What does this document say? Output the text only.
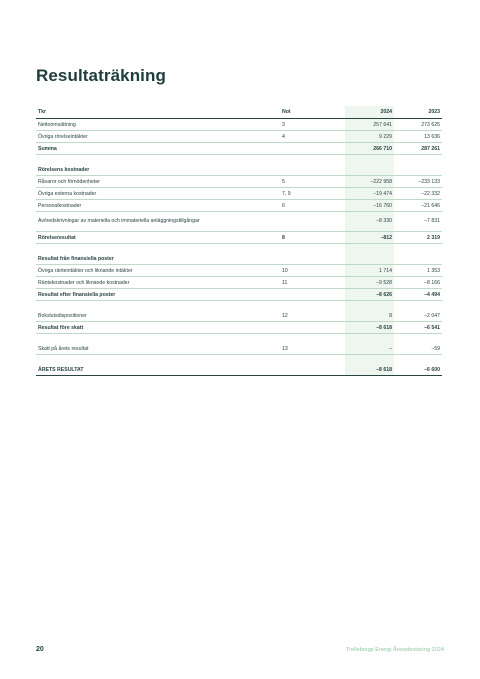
Resultaträkning
Tkr	Not	2024	2023
Nettoomsättning	3	257 641	273 625
Övriga rörelseintäkter	4	9 229	13 636
Summa		266 710	287 261

Rörelsens kostnader			
Råvaror och förnödenheter	5	−222 958	−233 133
Övriga externa kostnader	7, 9	−19 474	−22 332
Personalkostnader	6	−16 760	−21 646
Av/nedskrivningar av materiella och immateriella anläggningstillgångar		−8 330	−7 831
Rörelseresultat	8	−812	2 319

Resultat från finansiella poster			
Övriga ränteintäkter och liknande intäkter	10	1 714	1 353
Räntekostnader och liknande kostnader	11	−9 528	−8 166
Resultat efter finansiella poster		−8 626	−4 494

Bokslutsdispositioner	12	8	−2 047
Resultat före skatt		−8 618	−6 541

Skatt på årets resultat	13	–	−59

ÅRETS RESULTAT		−8 618	−6 600
20	Trelleborgs Energi Årsredovisning 2024
